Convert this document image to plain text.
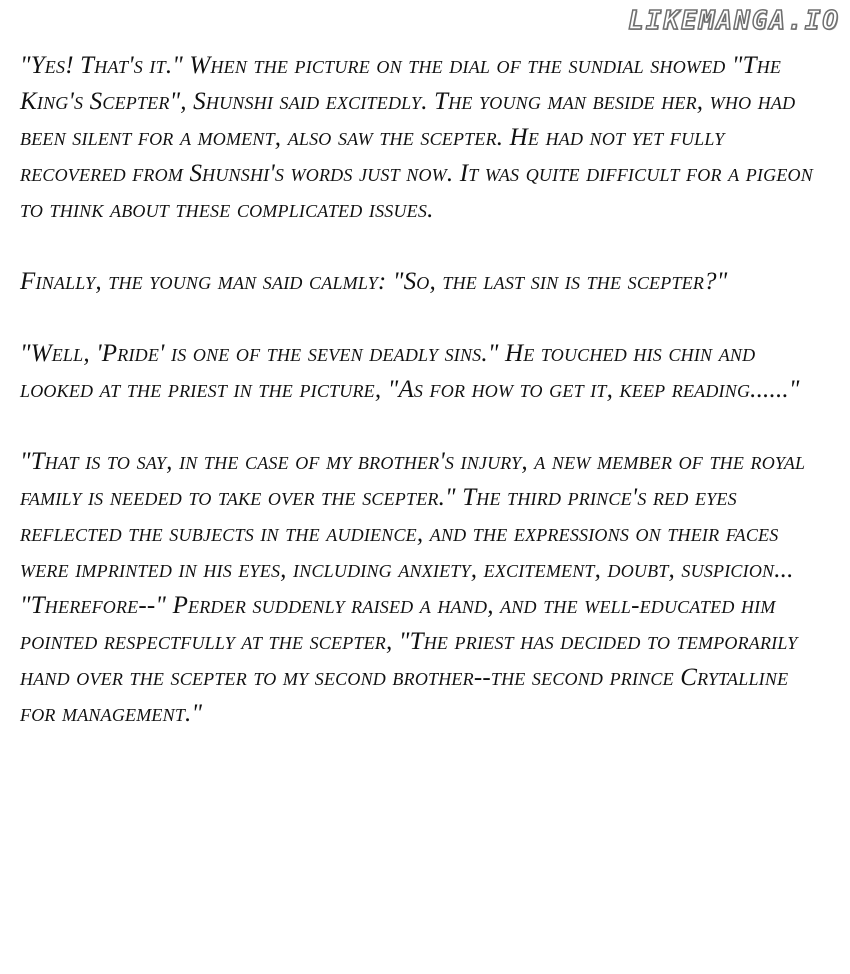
LIKEMANGA.IO

"Yes! That's it." When the picture on the dial of the sundial showed "The King's Scepter", Shunshi said excitedly. The young man beside her, who had been silent for a moment, also saw the scepter. He had not yet fully recovered from Shunshi's words just now. It was quite difficult for a pigeon to think about these complicated issues.

Finally, the young man said calmly: "So, the last sin is the scepter?"

"Well, 'Pride' is one of the seven deadly sins." He touched his chin and looked at the priest in the picture, "As for how to get it, keep reading......"

"That is to say, in the case of my brother's injury, a new member of the royal family is needed to take over the scepter." The third prince's red eyes reflected the subjects in the audience, and the expressions on their faces were imprinted in his eyes, including anxiety, excitement, doubt, suspicion... "Therefore--" Perder suddenly raised a hand, and the well-educated him pointed respectfully at the scepter, "The priest has decided to temporarily hand over the scepter to my second brother--the second prince Crytalline for management."
